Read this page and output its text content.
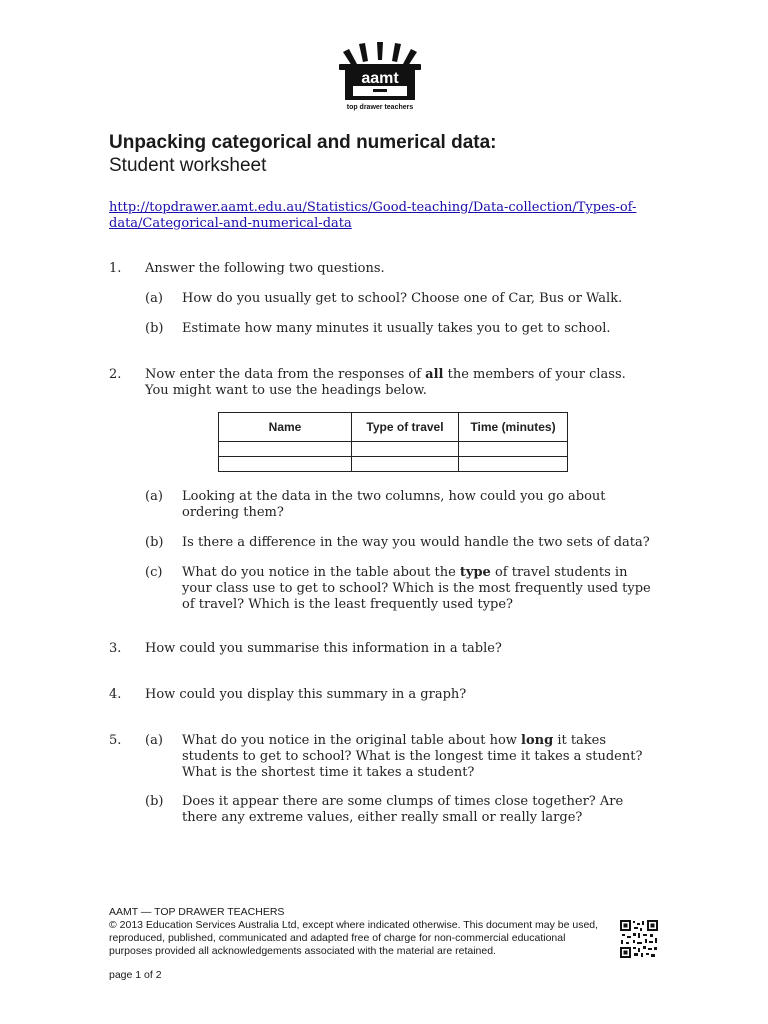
aamt
top drawer teachers
Unpacking categorical and numerical data:
Student worksheet
http://topdrawer.aamt.edu.au/Statistics/Good-teaching/Data-collection/Types-of-data/Categorical-and-numerical-data
1.	Answer the following two questions.
(a) How do you usually get to school? Choose one of Car, Bus or Walk.
(b) Estimate how many minutes it usually takes you to get to school.
2.	Now enter the data from the responses of all the members of your class. You might want to use the headings below.
Name	Type of travel	Time (minutes)

(a) Looking at the data in the two columns, how could you go about ordering them?
(b) Is there a difference in the way you would handle the two sets of data?
(c) What do you notice in the table about the type of travel students in your class use to get to school? Which is the most frequently used type of travel? Which is the least frequently used type?
3.	How could you summarise this information in a table?
4.	How could you display this summary in a graph?
5.	(a) What do you notice in the original table about how long it takes students to get to school? What is the longest time it takes a student? What is the shortest time it takes a student?
(b) Does it appear there are some clumps of times close together? Are there any extreme values, either really small or really large?
AAMT — TOP DRAWER TEACHERS
© 2013 Education Services Australia Ltd, except where indicated otherwise. This document may be used, reproduced, published, communicated and adapted free of charge for non-commercial educational purposes provided all acknowledgements associated with the material are retained.
page 1 of 2
